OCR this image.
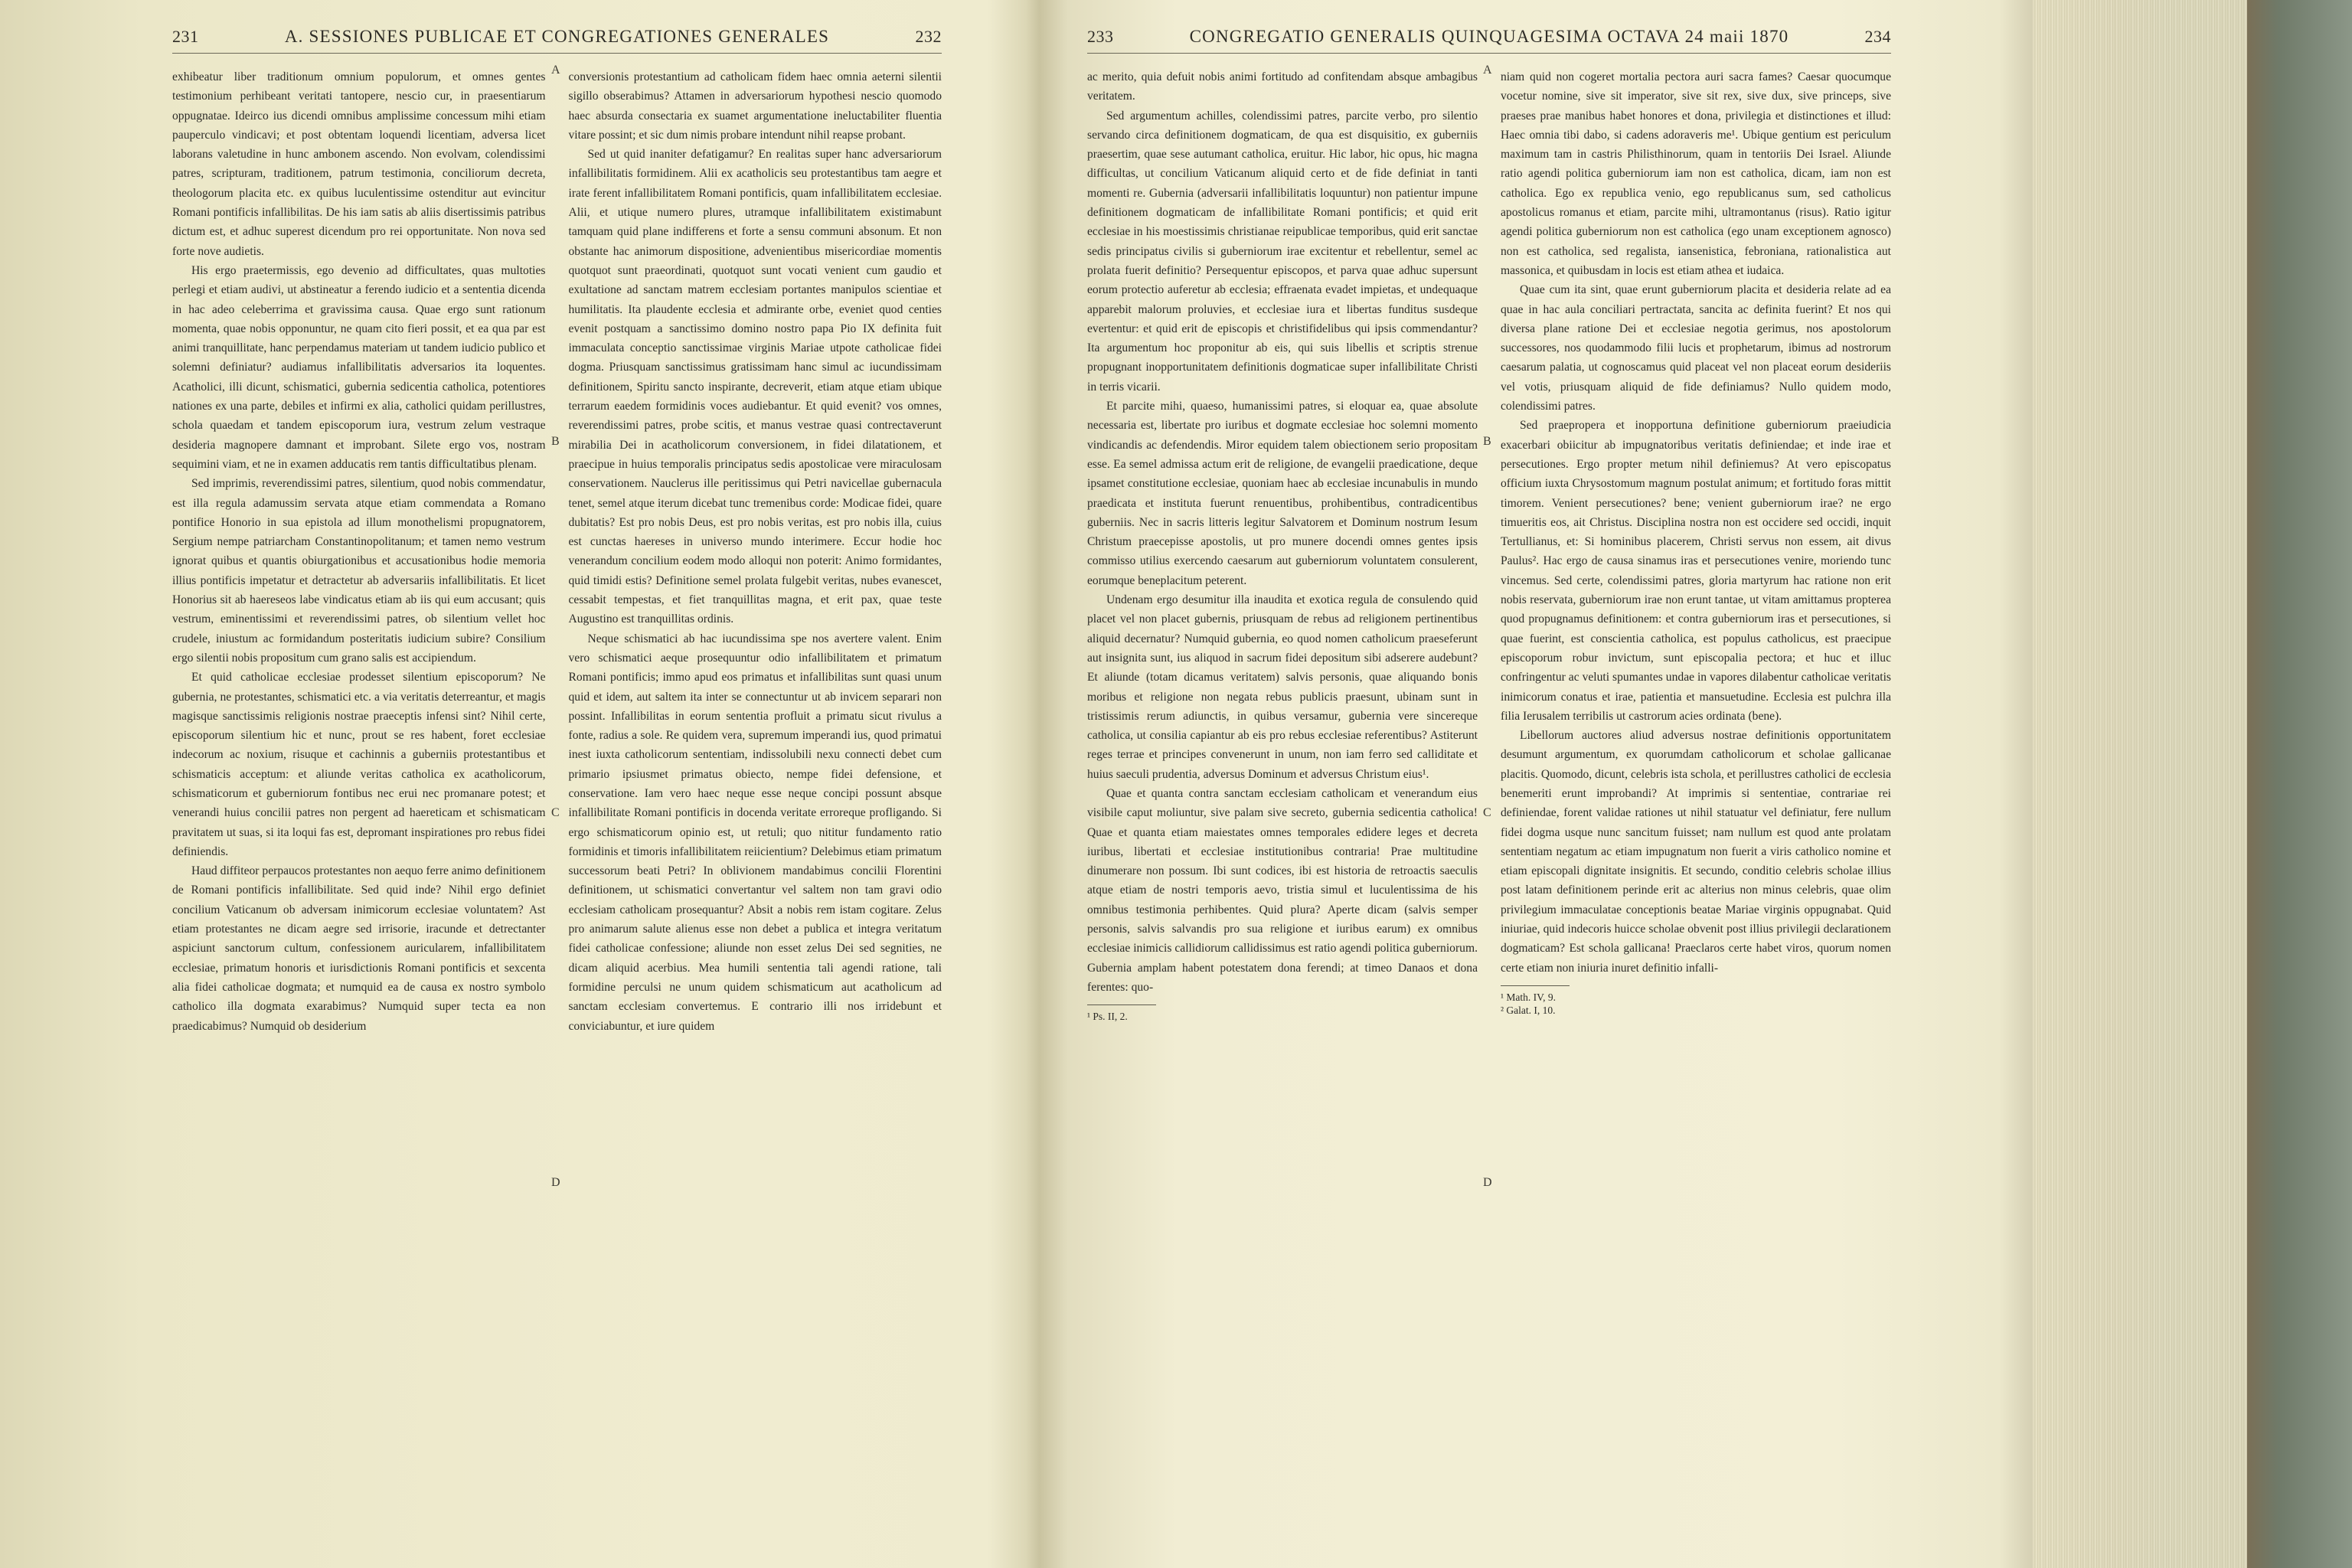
231	A. SESSIONES PUBLICAE ET CONGREGATIONES GENERALES	232

exhibeatur liber traditionum omnium populorum, et omnes gentes testimonium perhibeant veritati tantopere, nescio cur, in praesentiarum oppugnatae. Ideirco ius dicendi omnibus amplissime concessum mihi etiam pauperculo vindicavi; et post obtentam loquendi licentiam, adversa licet laborans valetudine in hunc ambonem ascendo. Non evolvam, colendissimi patres, scripturam, traditionem, patrum testimonia, conciliorum decreta, theologorum placita etc. ex quibus luculentissime ostenditur aut evincitur Romani pontificis infallibilitas. De his iam satis ab aliis disertissimis patribus dictum est, et adhuc superest dicendum pro rei opportunitate. Non nova sed forte nove audietis.

His ergo praetermissis, ego devenio ad difficultates, quas multoties perlegi et etiam audivi, ut abstineatur a ferendo iudicio et a sententia dicenda in hac adeo celeberrima et gravissima causa. Quae ergo sunt rationum momenta, quae nobis opponuntur, ne quam cito fieri possit, et ea qua par est animi tranquillitate, hanc perpendamus materiam ut tandem iudicio publico et solemni definiatur? audiamus infallibilitatis adversarios ita loquentes. Acatholici, illi dicunt, schismatici, gubernia sedicentia catholica, potentiores nationes ex una parte, debiles et infirmi ex alia, catholici quidam perillustres, schola quaedam et tandem episcoporum iura, vestrum zelum vestraque desideria magnopere damnant et improbant. Silete ergo vos, nostram sequimini viam, et ne in examen adducatis rem tantis difficultatibus plenam.

Sed imprimis, reverendissimi patres, silentium, quod nobis commendatur, est illa regula adamussim servata atque etiam commendata a Romano pontifice Honorio in sua epistola ad illum monothelismi propugnatorem, Sergium nempe patriarcham Constantinopolitanum; et tamen nemo vestrum ignorat quibus et quantis obiurgationibus et accusationibus hodie memoria illius pontificis impetatur et detractetur ab adversariis infallibilitatis. Et licet Honorius sit ab haereseos labe vindicatus etiam ab iis qui eum accusant; quis vestrum, eminentissimi et reverendissimi patres, ob silentium vellet hoc crudele, iniustum ac formidandum posteritatis iudicium subire? Consilium ergo silentii nobis propositum cum grano salis est accipiendum.

Et quid catholicae ecclesiae prodesset silentium episcoporum? Ne gubernia, ne protestantes, schismatici etc. a via veritatis deterreantur, et magis magisque sanctissimis religionis nostrae praeceptis infensi sint? Nihil certe, episcoporum silentium hic et nunc, prout se res habent, foret ecclesiae indecorum ac noxium, risuque et cachinnis a guberniis protestantibus et schismaticis acceptum: et aliunde veritas catholica ex acatholicorum, schismaticorum et guberniorum fontibus nec erui nec promanare potest; et venerandi huius concilii patres non pergent ad haereticam et schismaticam pravitatem ut suas, si ita loqui fas est, depromant inspirationes pro rebus fidei definiendis.

Haud diffiteor perpaucos protestantes non aequo ferre animo definitionem de Romani pontificis infallibilitate. Sed quid inde? Nihil ergo definiet concilium Vaticanum ob adversam inimicorum ecclesiae voluntatem? Ast etiam protestantes ne dicam aegre sed irrisorie, iracunde et detrectanter aspiciunt sanctorum cultum, confessionem auricularem, infallibilitatem ecclesiae, primatum honoris et iurisdictionis Romani pontificis et sexcenta alia fidei catholicae dogmata; et numquid ea de causa ex nostro symbolo catholico illa dogmata exarabimus? Numquid super tecta ea non praedicabimus? Numquid ob desiderium

conversionis protestantium ad catholicam fidem haec omnia aeterni silentii sigillo obserabimus? Attamen in adversariorum hypothesi nescio quomodo haec absurda consectaria ex suamet argumentatione ineluctabiliter fluentia vitare possint; et sic dum nimis probare intendunt nihil reapse probant.

Sed ut quid inaniter defatigamur? En realitas super hanc adversariorum infallibilitatis formidinem. Alii ex acatholicis seu protestantibus tam aegre et irate ferent infallibilitatem Romani pontificis, quam infallibilitatem ecclesiae. Alii, et utique numero plures, utramque infallibilitatem existimabunt tamquam quid plane indifferens et forte a sensu communi absonum. Et non obstante hac animorum dispositione, advenientibus misericordiae momentis quotquot sunt praeordinati, quotquot sunt vocati venient cum gaudio et exultatione ad sanctam matrem ecclesiam portantes manipulos scientiae et humilitatis. Ita plaudente ecclesia et admirante orbe, eveniet quod centies evenit postquam a sanctissimo domino nostro papa Pio IX definita fuit immaculata conceptio sanctissimae virginis Mariae utpote catholicae fidei dogma. Priusquam sanctissimus gratissimam hanc simul ac iucundissimam definitionem, Spiritu sancto inspirante, decreverit, etiam atque etiam ubique terrarum eaedem formidinis voces audiebantur. Et quid evenit? vos omnes, reverendissimi patres, probe scitis, et manus vestrae quasi contrectaverunt mirabilia Dei in acatholicorum conversionem, in fidei dilatationem, et praecipue in huius temporalis principatus sedis apostolicae vere miraculosam conservationem. Nauclerus ille peritissimus qui Petri navicellae gubernacula tenet, semel atque iterum dicebat tunc tremenibus corde: Modicae fidei, quare dubitatis? Est pro nobis Deus, est pro nobis veritas, est pro nobis illa, cuius est cunctas haereses in universo mundo interimere. Eccur hodie hoc venerandum concilium eodem modo alloqui non poterit: Animo formidantes, quid timidi estis? Definitione semel prolata fulgebit veritas, nubes evanescet, cessabit tempestas, et fiet tranquillitas magna, et erit pax, quae teste Augustino est tranquillitas ordinis.

Neque schismatici ab hac iucundissima spe nos avertere valent. Enim vero schismatici aeque prosequuntur odio infallibilitatem et primatum Romani pontificis; immo apud eos primatus et infallibilitas sunt quasi unum quid et idem, aut saltem ita inter se connectuntur ut ab invicem separari non possint. Infallibilitas in eorum sententia profluit a primatu sicut rivulus a fonte, radius a sole. Re quidem vera, supremum imperandi ius, quod primatui inest iuxta catholicorum sententiam, indissolubili nexu connecti debet cum primario ipsiusmet primatus obiecto, nempe fidei defensione, et conservatione. Iam vero haec neque esse neque concipi possunt absque infallibilitate Romani pontificis in docenda veritate erroreque profligando. Si ergo schismaticorum opinio est, ut retuli; quo nititur fundamento ratio formidinis et timoris infallibilitatem reiicientium? Delebimus etiam primatum successorum beati Petri? In oblivionem mandabimus concilii Florentini definitionem, ut schismatici convertantur vel saltem non tam gravi odio ecclesiam catholicam prosequantur? Absit a nobis rem istam cogitare. Zelus pro animarum salute alienus esse non debet a publica et integra veritatum fidei catholicae confessione; aliunde non esset zelus Dei sed segnities, ne dicam aliquid acerbius. Mea humili sententia tali agendi ratione, tali formidine perculsi ne unum quidem schismaticum aut acatholicum ad sanctam ecclesiam convertemus. E contrario illi nos irridebunt et conviciabuntur, et iure quidem

A
B
C
D
233	CONGREGATIO GENERALIS QUINQUAGESIMA OCTAVA 24 maii 1870	234

ac merito, quia defuit nobis animi fortitudo ad confitendam absque ambagibus veritatem.

Sed argumentum achilles, colendissimi patres, parcite verbo, pro silentio servando circa definitionem dogmaticam, de qua est disquisitio, ex guberniis praesertim, quae sese autumant catholica, eruitur. Hic labor, hic opus, hic magna difficultas, ut concilium Vaticanum aliquid certo et de fide definiat in tanti momenti re. Gubernia (adversarii infallibilitatis loquuntur) non patientur impune definitionem dogmaticam de infallibilitate Romani pontificis; et quid erit ecclesiae in his moestissimis christianae reipublicae temporibus, quid erit sanctae sedis principatus civilis si guberniorum irae excitentur et rebellentur, semel ac prolata fuerit definitio? Persequentur episcopos, et parva quae adhuc supersunt eorum protectio auferetur ab ecclesia; effraenata evadet impietas, et undequaque apparebit malorum proluvies, et ecclesiae iura et libertas funditus susdeque evertentur: et quid erit de episcopis et christifidelibus qui ipsis commendantur? Ita argumentum hoc proponitur ab eis, qui suis libellis et scriptis strenue propugnant inopportunitatem definitionis dogmaticae super infallibilitate Christi in terris vicarii.

Et parcite mihi, quaeso, humanissimi patres, si eloquar ea, quae absolute necessaria est, libertate pro iuribus et dogmate ecclesiae hoc solemni momento vindicandis ac defendendis. Miror equidem talem obiectionem serio propositam esse. Ea semel admissa actum erit de religione, de evangelii praedicatione, deque ipsamet constitutione ecclesiae, quoniam haec ab ecclesiae incunabulis in mundo praedicata et instituta fuerunt renuentibus, prohibentibus, contradicentibus guberniis. Nec in sacris litteris legitur Salvatorem et Dominum nostrum Iesum Christum praecepisse apostolis, ut pro munere docendi omnes gentes ipsis commisso utilius exercendo caesarum aut guberniorum voluntatem consulerent, eorumque beneplacitum peterent.

Undenam ergo desumitur illa inaudita et exotica regula de consulendo quid placet vel non placet gubernis, priusquam de rebus ad religionem pertinentibus aliquid decernatur? Numquid gubernia, eo quod nomen catholicum praeseferunt aut insignita sunt, ius aliquod in sacrum fidei depositum sibi adserere audebunt? Et aliunde (totam dicamus veritatem) salvis personis, quae aliquando bonis moribus et religione non negata rebus publicis praesunt, ubinam sunt in tristissimis rerum adiunctis, in quibus versamur, gubernia vere sincereque catholica, ut consilia capiantur ab eis pro rebus ecclesiae referentibus? Astiterunt reges terrae et principes convenerunt in unum, non iam ferro sed calliditate et huius saeculi prudentia, adversus Dominum et adversus Christum eius¹.

Quae et quanta contra sanctam ecclesiam catholicam et venerandum eius visibile caput moliuntur, sive palam sive secreto, gubernia sedicentia catholica! Quae et quanta etiam maiestates omnes temporales edidere leges et decreta iuribus, libertati et ecclesiae institutionibus contraria! Prae multitudine dinumerare non possum. Ibi sunt codices, ibi est historia de retroactis saeculis atque etiam de nostri temporis aevo, tristia simul et luculentissima de his omnibus testimonia perhibentes. Quid plura? Aperte dicam (salvis semper personis, salvis salvandis pro sua religione et iuribus earum) ex omnibus ecclesiae inimicis callidiorum callidissimus est ratio agendi politica guberniorum. Gubernia amplam habent potestatem dona ferendi; at timeo Danaos et dona ferentes: quo-

¹ Ps. II, 2.

niam quid non cogeret mortalia pectora auri sacra fames? Caesar quocumque vocetur nomine, sive sit imperator, sive sit rex, sive dux, sive princeps, sive praeses prae manibus habet honores et dona, privilegia et distinctiones et illud: Haec omnia tibi dabo, si cadens adoraveris me¹. Ubique gentium est periculum maximum tam in castris Philisthinorum, quam in tentoriis Dei Israel. Aliunde ratio agendi politica guberniorum iam non est catholica, dicam, iam non est catholica. Ego ex republica venio, ego republicanus sum, sed catholicus apostolicus romanus et etiam, parcite mihi, ultramontanus (risus). Ratio igitur agendi politica guberniorum non est catholica (ego unam exceptionem agnosco) non est catholica, sed regalista, iansenistica, febroniana, rationalistica aut massonica, et quibusdam in locis est etiam athea et iudaica.

Quae cum ita sint, quae erunt guberniorum placita et desideria relate ad ea quae in hac aula conciliari pertractata, sancita ac definita fuerint? Et nos qui diversa plane ratione Dei et ecclesiae negotia gerimus, nos apostolorum successores, nos quodammodo filii lucis et prophetarum, ibimus ad nostrorum caesarum palatia, ut cognoscamus quid placeat vel non placeat eorum desideriis vel votis, priusquam aliquid de fide definiamus? Nullo quidem modo, colendissimi patres.

Sed praepropera et inopportuna definitione guberniorum praeiudicia exacerbari obiicitur ab impugnatoribus veritatis definiendae; et inde irae et persecutiones. Ergo propter metum nihil definiemus? At vero episcopatus officium iuxta Chrysostomum magnum postulat animum; et fortitudo foras mittit timorem. Venient persecutiones? bene; venient guberniorum irae? ne ergo timueritis eos, ait Christus. Disciplina nostra non est occidere sed occidi, inquit Tertullianus, et: Si hominibus placerem, Christi servus non essem, ait divus Paulus². Hac ergo de causa sinamus iras et persecutiones venire, moriendo tunc vincemus. Sed certe, colendissimi patres, gloria martyrum hac ratione non erit nobis reservata, guberniorum irae non erunt tantae, ut vitam amittamus propterea quod propugnamus definitionem: et contra guberniorum iras et persecutiones, si quae fuerint, est conscientia catholica, est populus catholicus, est praecipue episcoporum robur invictum, sunt episcopalia pectora; et huc et illuc confringentur ac veluti spumantes undae in vapores dilabentur catholicae veritatis inimicorum conatus et irae, patientia et mansuetudine. Ecclesia est pulchra illa filia Ierusalem terribilis ut castrorum acies ordinata (bene).

Libellorum auctores aliud adversus nostrae definitionis opportunitatem desumunt argumentum, ex quorumdam catholicorum et scholae gallicanae placitis. Quomodo, dicunt, celebris ista schola, et perillustres catholici de ecclesia benemeriti erunt improbandi? At imprimis si sententiae, contrariae rei definiendae, forent validae rationes ut nihil statuatur vel definiatur, fere nullum fidei dogma usque nunc sancitum fuisset; nam nullum est quod ante prolatam sententiam negatum ac etiam impugnatum non fuerit a viris catholico nomine et etiam episcopali dignitate insignitis. Et secundo, conditio celebris scholae illius post latam definitionem perinde erit ac alterius non minus celebris, quae olim privilegium immaculatae conceptionis beatae Mariae virginis oppugnabat. Quid iniuriae, quid indecoris huicce scholae obvenit post illius privilegii declarationem dogmaticam? Est schola gallicana! Praeclaros certe habet viros, quorum nomen certe etiam non iniuria inuret definitio infalli-

¹ Math. IV, 9.
² Galat. I, 10.
A
B
C
D
